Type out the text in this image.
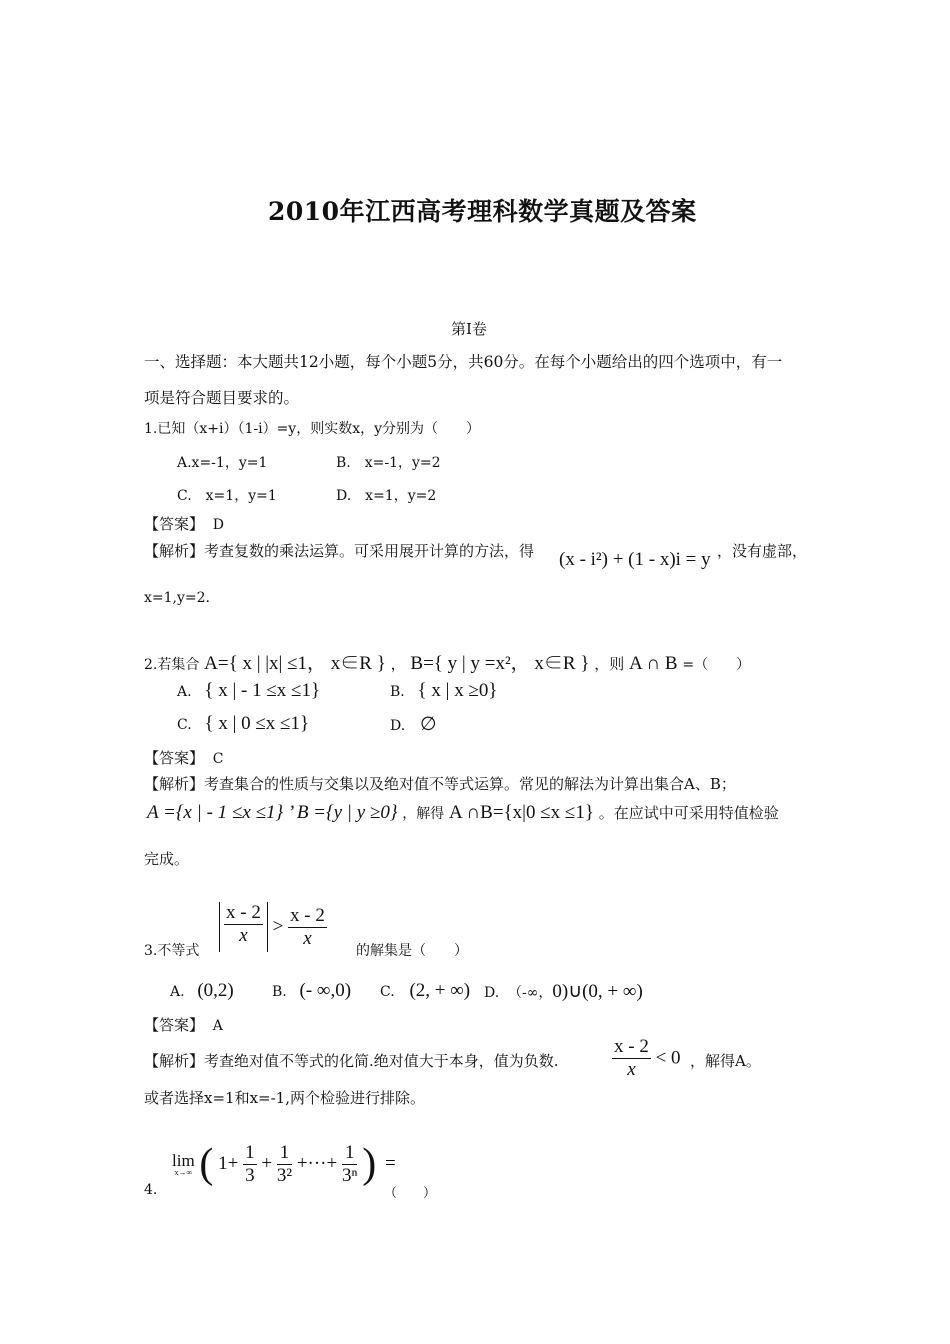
2010年江西高考理科数学真题及答案
第Ⅰ卷
一、选择题：本大题共12小题，每个小题5分，共60分。在每个小题给出的四个选项中，有一
项是符合题目要求的。
1.已知（x+i）（1-i）=y，则实数x，y分别为（　　）
A.x=-1，y=1	B.　x=-1，y=2
C.　x=1，y=1	D.　x=1，y=2
【答案】 D
【解析】考查复数的乘法运算。可采用展开计算的方法，得 (x - i²) + (1 - x)i = y ，没有虚部，
x=1,y=2.
2.若集合 A={ x | |x| ≤1， x∈R } ， B={ y | y =x²， x∈R } ，则 A ∩ B =（　　）
A. { x | - 1 ≤x ≤1}	B. { x | x ≥0}
C. { x | 0 ≤x ≤1}	D. ∅
【答案】 C
【解析】考查集合的性质与交集以及绝对值不等式运算。常见的解法为计算出集合A、B；
A ={x | - 1 ≤x ≤1} ’ B ={y | y ≥0} ，解得 A ∩B={x|0 ≤x ≤1} 。在应试中可采用特值检验
完成。
3.不等式
$\frac{x - 2}{x} > \frac{x - 2}{x}$
的解集是（　　）
A. (0,2)	B. (- ∞,0) C. (2, + ∞) D. （-∞，0)∪(0, + ∞)
【答案】 A
【解析】考查绝对值不等式的化简.绝对值大于本身，值为负数.	$\frac{x - 2}{x} < 0$ ，解得A。
或者选择x=1和x=-1,两个检验进行排除。
4.
lim
x→∞ ( $1+ \frac{1}{3} + \frac{1}{\text{3²}}$ +···+ $\frac{1}{\text{3ⁿ}}$ ) =
（　　）
